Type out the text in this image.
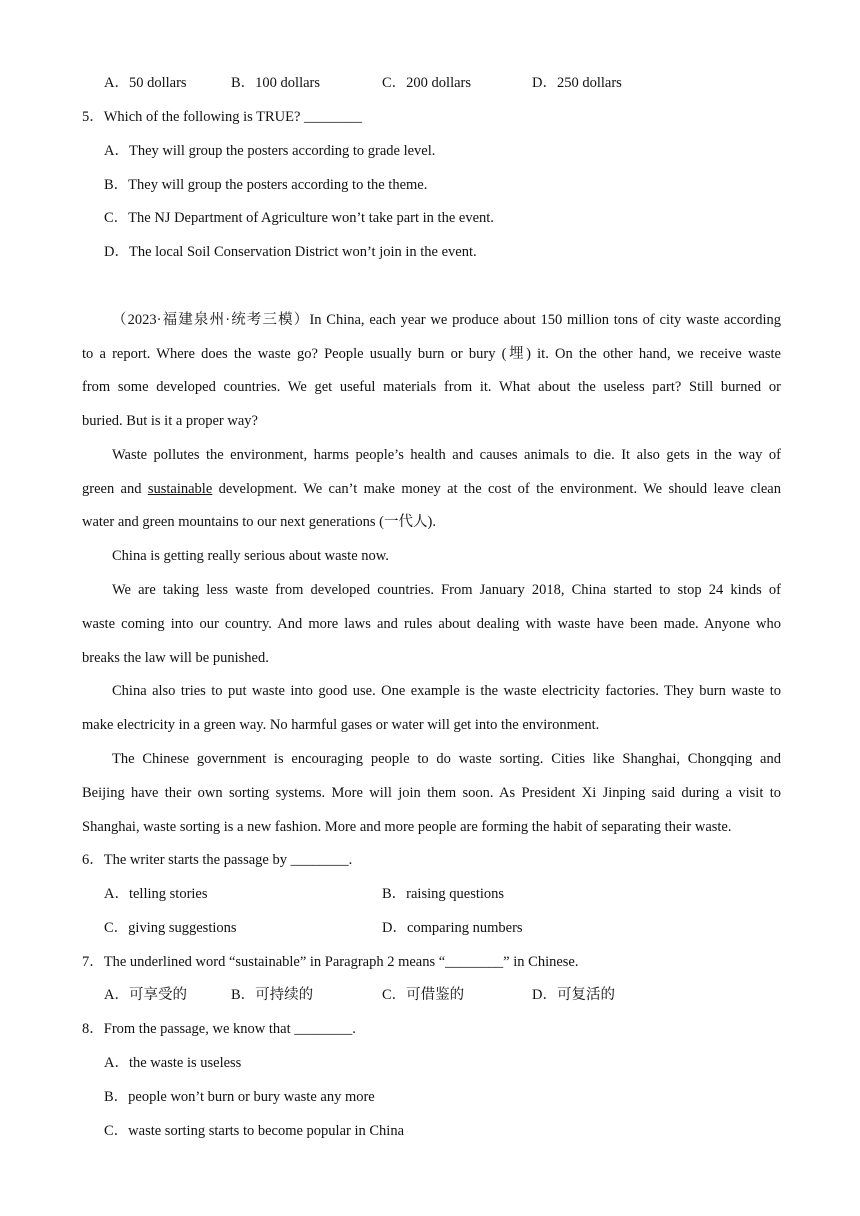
A．50 dollars	B．100 dollars	C．200 dollars	D．250 dollars
5．Which of the following is TRUE? ________
A．They will group the posters according to grade level.
B．They will group the posters according to the theme.
C．The NJ Department of Agriculture won’t take part in the event.
D．The local Soil Conservation District won’t join in the event.
（2023·福建泉州·统考三模）In China, each year we produce about 150 million tons of city waste according
to a report. Where does the waste go? People usually burn or bury (埋) it. On the other hand, we receive waste
from some developed countries. We get useful materials from it. What about the useless part? Still burned or
buried. But is it a proper way?
Waste pollutes the environment, harms people’s health and causes animals to die. It also gets in the way of
green and sustainable development. We can’t make money at the cost of the environment. We should leave clean
water and green mountains to our next generations (一代人).
China is getting really serious about waste now.
We are taking less waste from developed countries. From January 2018, China started to stop 24 kinds of
waste coming into our country. And more laws and rules about dealing with waste have been made. Anyone who
breaks the law will be punished.
China also tries to put waste into good use. One example is the waste electricity factories. They burn waste to
make electricity in a green way. No harmful gases or water will get into the environment.
The Chinese government is encouraging people to do waste sorting. Cities like Shanghai, Chongqing and
Beijing have their own sorting systems. More will join them soon. As President Xi Jinping said during a visit to
Shanghai, waste sorting is a new fashion. More and more people are forming the habit of separating their waste.
6．The writer starts the passage by ________.
A．telling stories	B．raising questions
C．giving suggestions	D．comparing numbers
7．The underlined word “sustainable” in Paragraph 2 means “________” in Chinese.
A．可享受的	B．可持续的	C．可借鉴的	D．可复活的
8．From the passage, we know that ________.
A．the waste is useless
B．people won’t burn or bury waste any more
C．waste sorting starts to become popular in China
